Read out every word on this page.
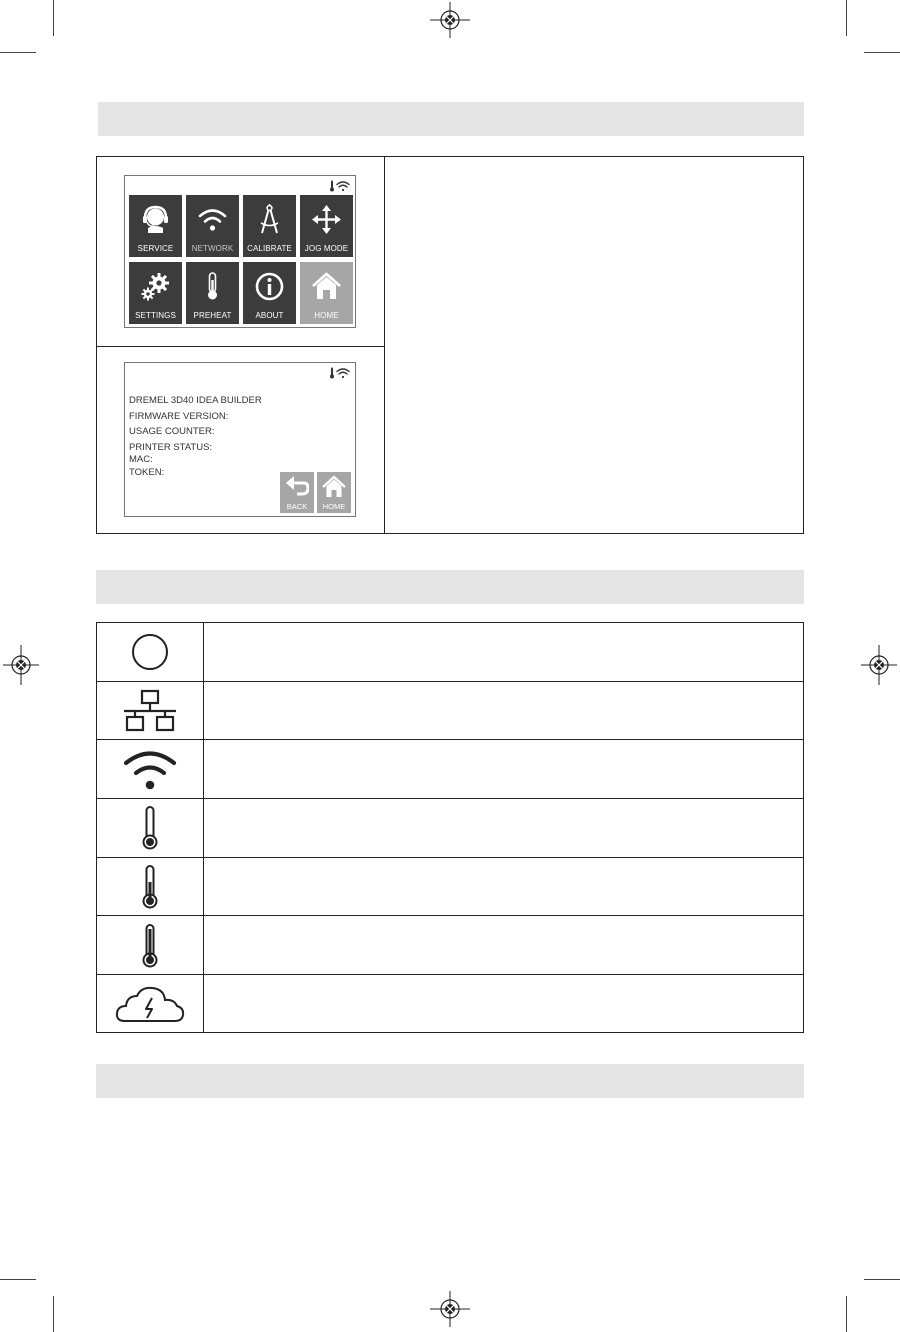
SERVICE	NETWORK	CALIBRATE	JOG MODE
SETTINGS	PREHEAT	ABOUT	HOME
DREMEL 3D40 IDEA BUILDER
FIRMWARE VERSION:
USAGE COUNTER:
PRINTER STATUS:
MAC:
TOKEN:
BACK	HOME
